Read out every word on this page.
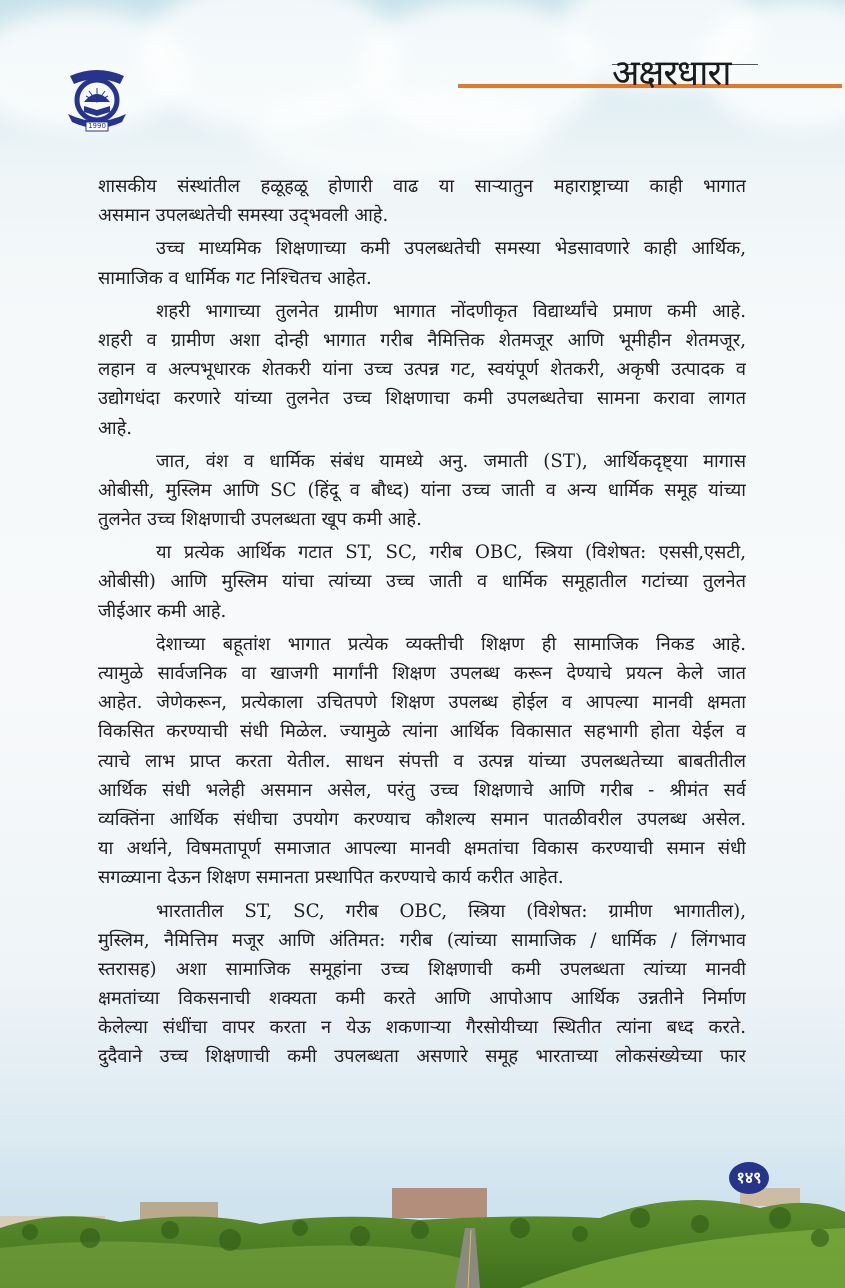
1990
अक्षरधारा
शासकीय संस्थांतील हळूहळू होणारी वाढ या साऱ्यातुन महाराष्ट्राच्या काही भागात
असमान उपलब्धतेची समस्या उद्‌भवली आहे.
उच्च माध्यमिक शिक्षणाच्या कमी उपलब्धतेची समस्या भेडसावणारे काही आर्थिक,
सामाजिक व धार्मिक गट निश्चितच आहेत.
शहरी भागाच्या तुलनेत ग्रामीण भागात नोंदणीकृत विद्यार्थ्यांचे प्रमाण कमी आहे.
शहरी व ग्रामीण अशा दोन्ही भागात गरीब नैमित्तिक शेतमजूर आणि भूमीहीन शेतमजूर,
लहान व अल्पभूधारक शेतकरी यांना उच्च उत्पन्न गट, स्वयंपूर्ण शेतकरी, अकृषी उत्पादक व
उद्योगधंदा करणारे यांच्या तुलनेत उच्च शिक्षणाचा कमी उपलब्धतेचा सामना करावा लागत
आहे.
जात, वंश व धार्मिक संबंध यामध्ये अनु. जमाती (ST), आर्थिकदृष्ट्या मागास
ओबीसी, मुस्लिम आणि SC (हिंदू व बौध्द) यांना उच्च जाती व अन्य धार्मिक समूह यांच्या
तुलनेत उच्च शिक्षणाची उपलब्धता खूप कमी आहे.
या प्रत्येक आर्थिक गटात ST, SC, गरीब OBC, स्त्रिया (विशेषत: एससी,एसटी,
ओबीसी) आणि मुस्लिम यांचा त्यांच्या उच्च जाती व धार्मिक समूहातील गटांच्या तुलनेत
जीईआर कमी आहे.
देशाच्या बहूतांश भागात प्रत्येक व्यक्तीची शिक्षण ही सामाजिक निकड आहे.
त्यामुळे सार्वजनिक वा खाजगी मार्गांनी शिक्षण उपलब्ध करून देण्याचे प्रयत्न केले जात
आहेत. जेणेकरून, प्रत्येकाला उचितपणे शिक्षण उपलब्ध होईल व आपल्या मानवी क्षमता
विकसित करण्याची संधी मिळेल. ज्यामुळे त्यांना आर्थिक विकासात सहभागी होता येईल व
त्याचे लाभ प्राप्त करता येतील. साधन संपत्ती व उत्पन्न यांच्या उपलब्धतेच्या बाबतीतील
आर्थिक संधी भलेही असमान असेल, परंतु उच्च शिक्षणाचे आणि गरीब - श्रीमंत सर्व
व्यक्तिंना आर्थिक संधीचा उपयोग करण्याच कौशल्य समान पातळीवरील उपलब्ध असेल.
या अर्थाने, विषमतापूर्ण समाजात आपल्या मानवी क्षमतांचा विकास करण्याची समान संधी
सगळ्याना देऊन शिक्षण समानता प्रस्थापित करण्याचे कार्य करीत आहेत.
भारतातील ST, SC, गरीब OBC, स्त्रिया (विशेषत: ग्रामीण भागातील),
मुस्लिम, नैमित्तिम मजूर आणि अंतिमत: गरीब (त्यांच्या सामाजिक / धार्मिक / लिंगभाव
स्तरासह) अशा सामाजिक समूहांना उच्च शिक्षणाची कमी उपलब्धता त्यांच्या मानवी
क्षमतांच्या विकसनाची शक्यता कमी करते आणि आपोआप आर्थिक उन्नतीने निर्माण
केलेल्या संधींचा वापर करता न येऊ शकणाऱ्या गैरसोयीच्या स्थितीत त्यांना बध्द करते.
दुदैवाने उच्च शिक्षणाची कमी उपलब्धता असणारे समूह भारताच्या लोकसंख्येच्या फार
१४९
